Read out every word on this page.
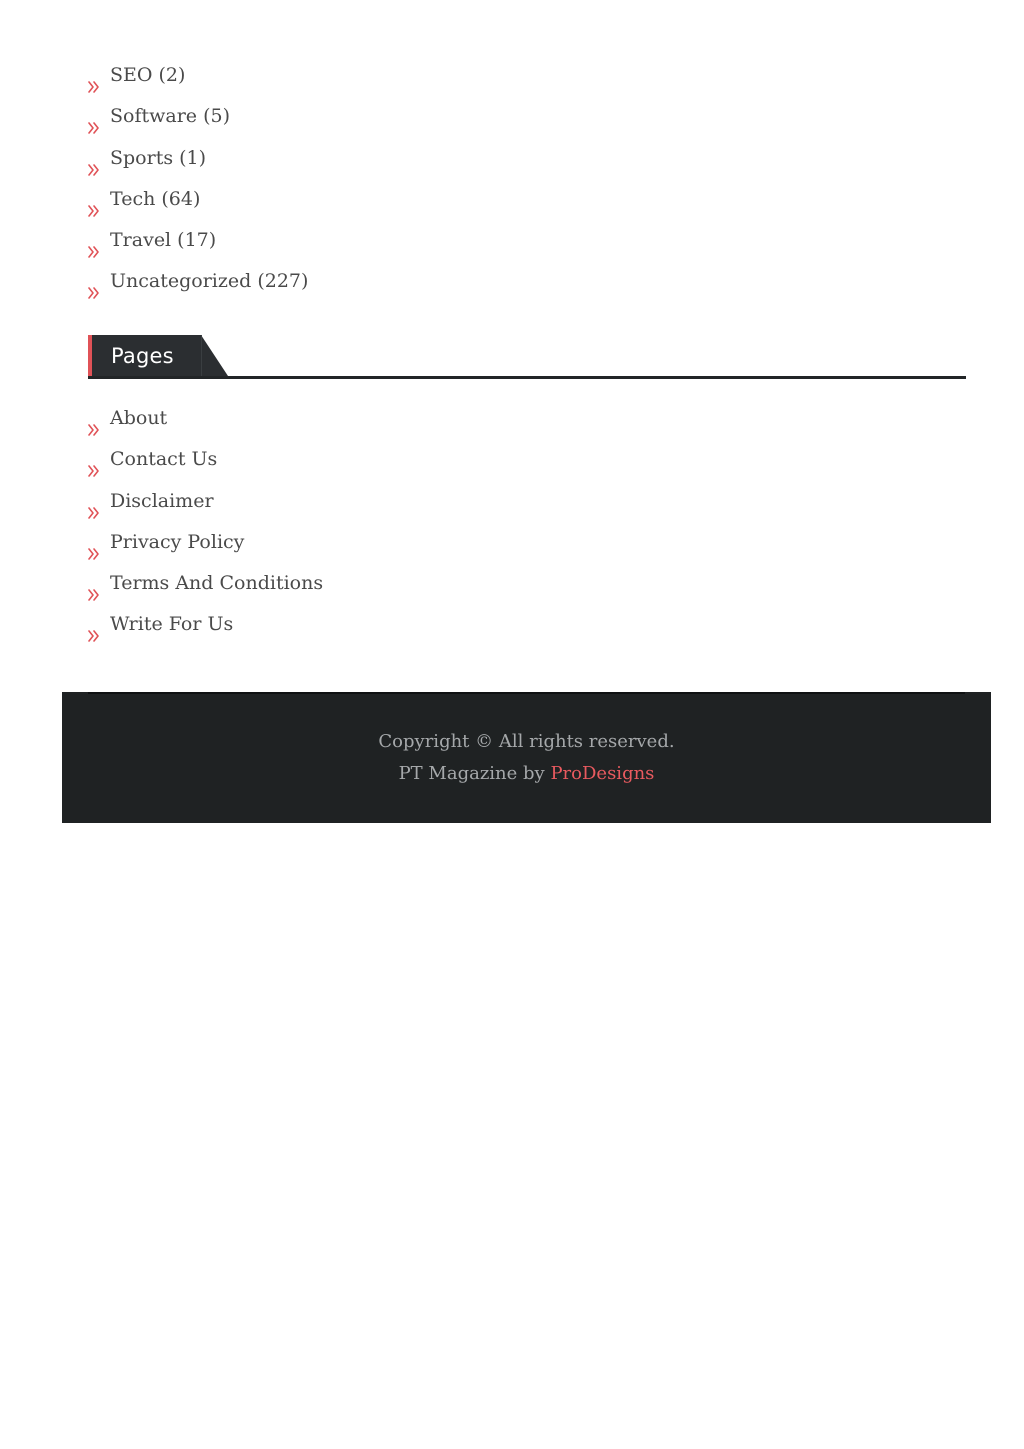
SEO (2)
Software (5)
Sports (1)
Tech (64)
Travel (17)
Uncategorized (227)
Pages
About
Contact Us
Disclaimer
Privacy Policy
Terms And Conditions
Write For Us
Copyright © All rights reserved.
PT Magazine by ProDesigns
